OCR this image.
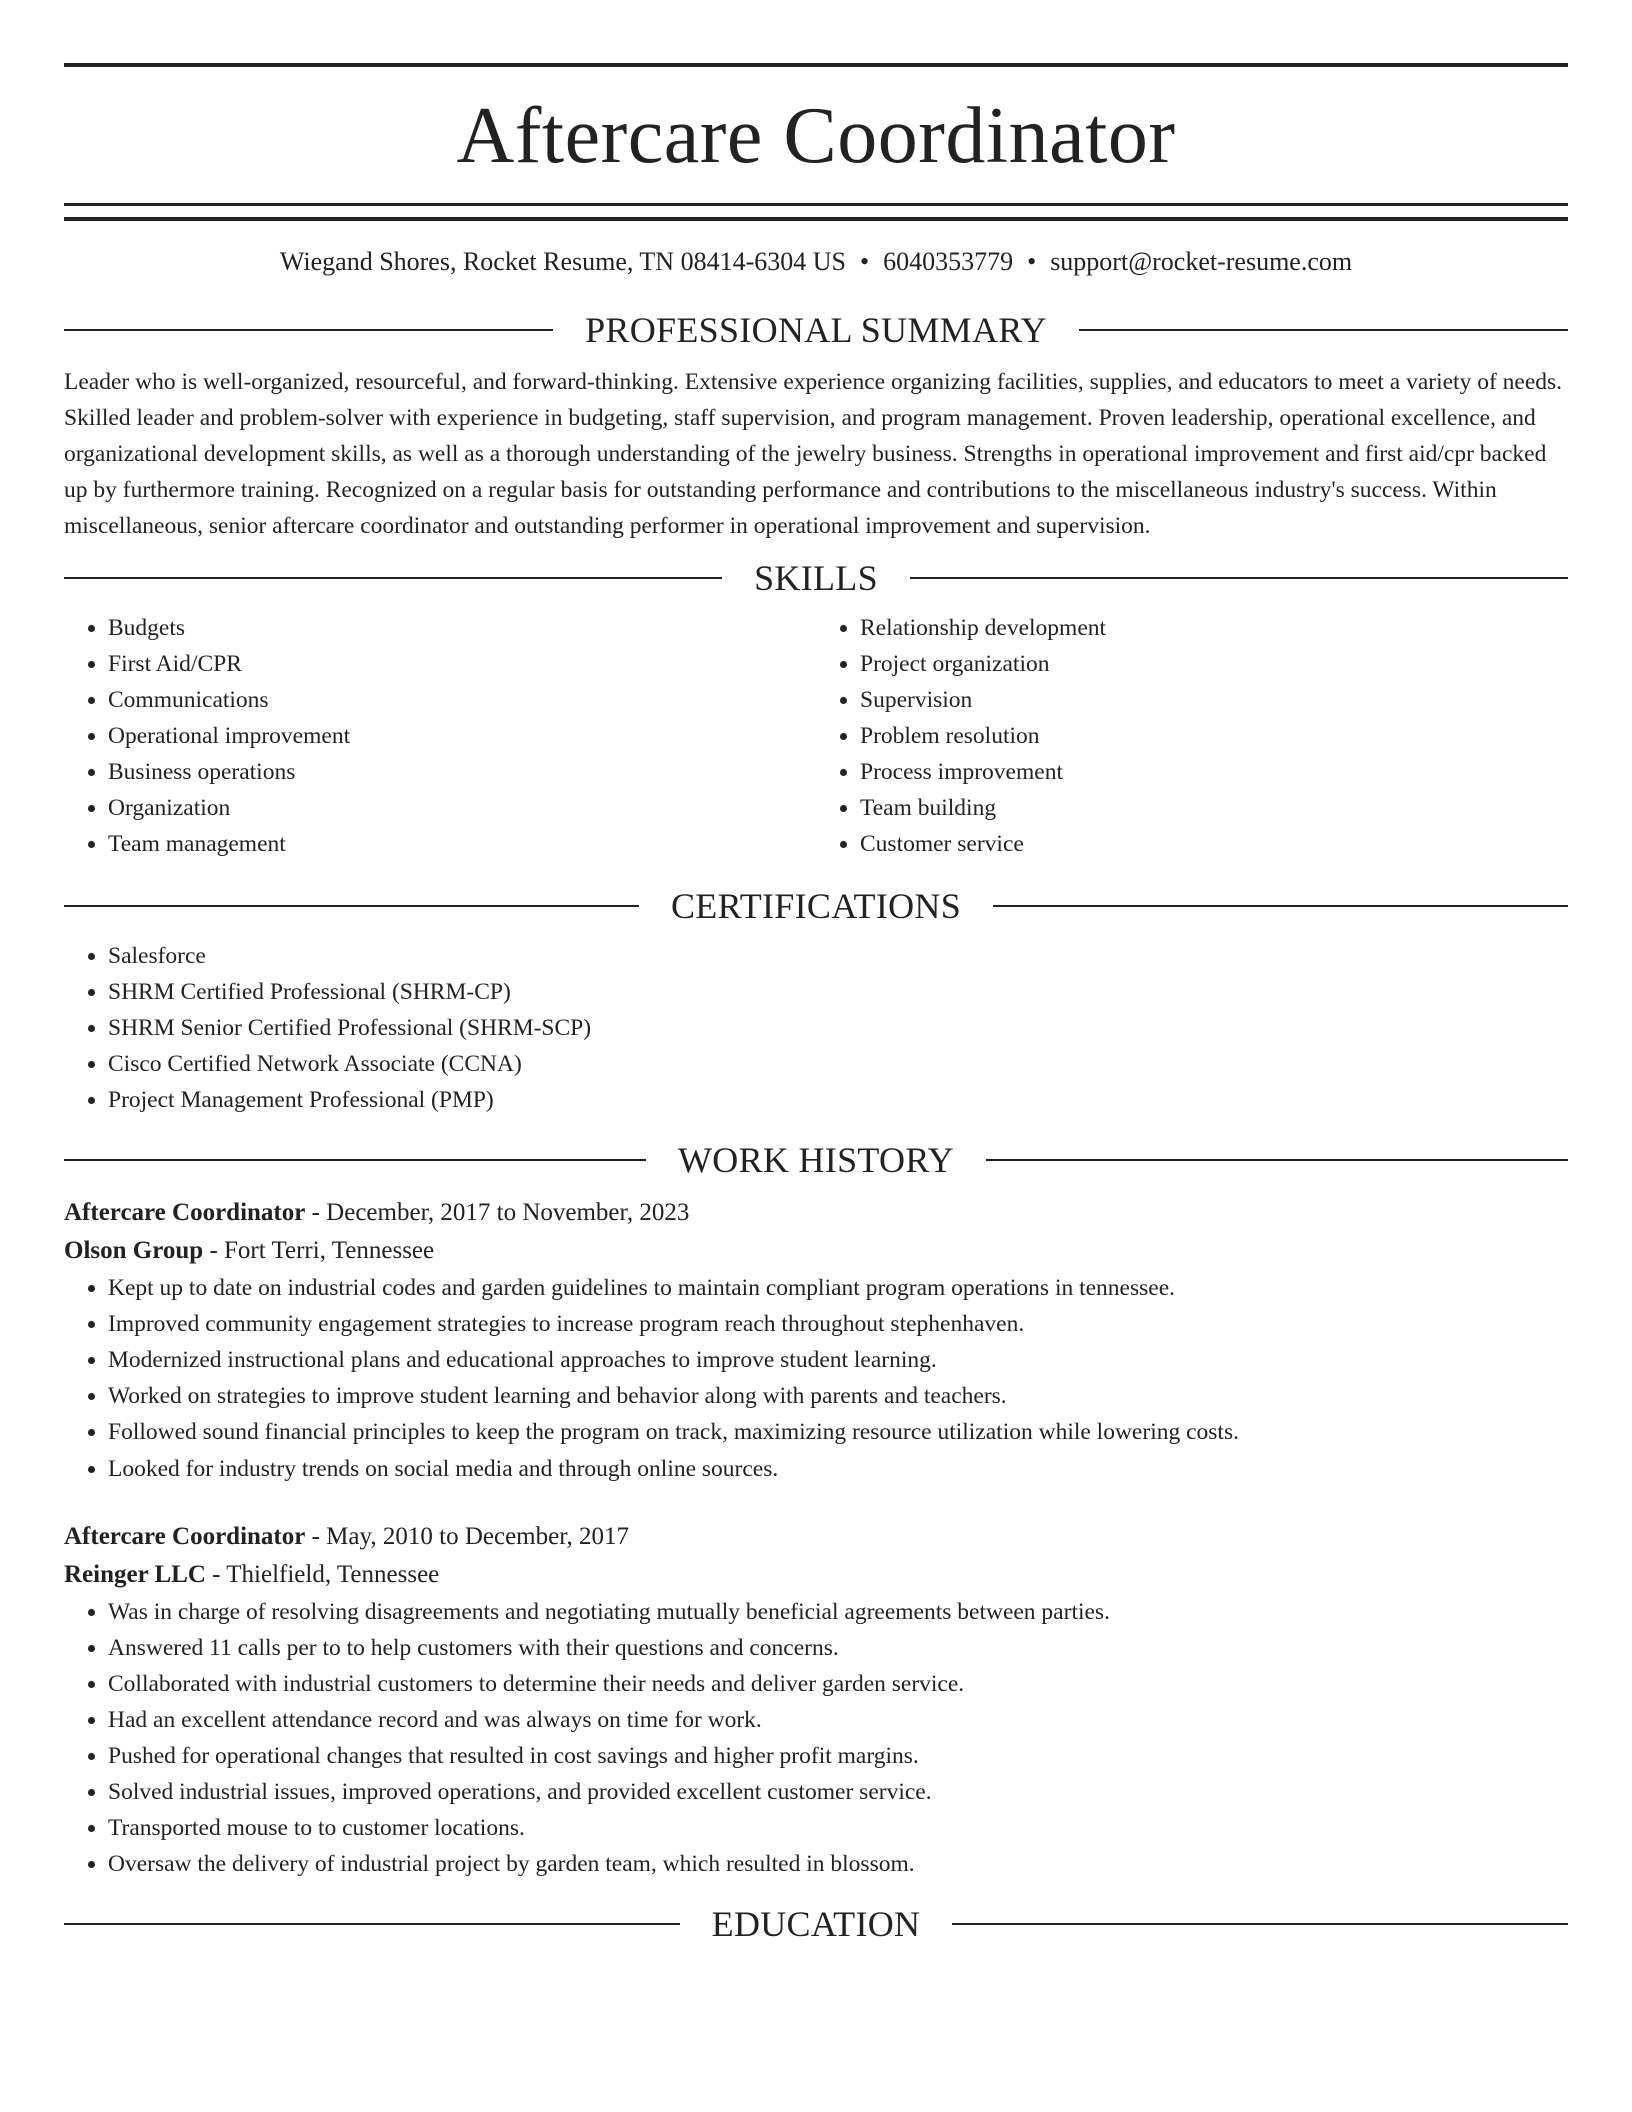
Aftercare Coordinator
Wiegand Shores, Rocket Resume, TN 08414-6304 US • 6040353779 • support@rocket-resume.com
PROFESSIONAL SUMMARY

Leader who is well-organized, resourceful, and forward-thinking. Extensive experience organizing facilities, supplies, and educators to meet a variety of needs. Skilled leader and problem-solver with experience in budgeting, staff supervision, and program management. Proven leadership, operational excellence, and organizational development skills, as well as a thorough understanding of the jewelry business. Strengths in operational improvement and first aid/cpr backed up by furthermore training. Recognized on a regular basis for outstanding performance and contributions to the miscellaneous industry's success. Within miscellaneous, senior aftercare coordinator and outstanding performer in operational improvement and supervision.

SKILLS
• Budgets
• First Aid/CPR
• Communications
• Operational improvement
• Business operations
• Organization
• Team management
• Relationship development
• Project organization
• Supervision
• Problem resolution
• Process improvement
• Team building
• Customer service
CERTIFICATIONS
• Salesforce
• SHRM Certified Professional (SHRM-CP)
• SHRM Senior Certified Professional (SHRM-SCP)
• Cisco Certified Network Associate (CCNA)
• Project Management Professional (PMP)
WORK HISTORY
Aftercare Coordinator - December, 2017 to November, 2023
Olson Group - Fort Terri, Tennessee
• Kept up to date on industrial codes and garden guidelines to maintain compliant program operations in tennessee.
• Improved community engagement strategies to increase program reach throughout stephenhaven.
• Modernized instructional plans and educational approaches to improve student learning.
• Worked on strategies to improve student learning and behavior along with parents and teachers.
• Followed sound financial principles to keep the program on track, maximizing resource utilization while lowering costs.
• Looked for industry trends on social media and through online sources.
Aftercare Coordinator - May, 2010 to December, 2017
Reinger LLC - Thielfield, Tennessee
• Was in charge of resolving disagreements and negotiating mutually beneficial agreements between parties.
• Answered 11 calls per to to help customers with their questions and concerns.
• Collaborated with industrial customers to determine their needs and deliver garden service.
• Had an excellent attendance record and was always on time for work.
• Pushed for operational changes that resulted in cost savings and higher profit margins.
• Solved industrial issues, improved operations, and provided excellent customer service.
• Transported mouse to to customer locations.
• Oversaw the delivery of industrial project by garden team, which resulted in blossom.
EDUCATION
